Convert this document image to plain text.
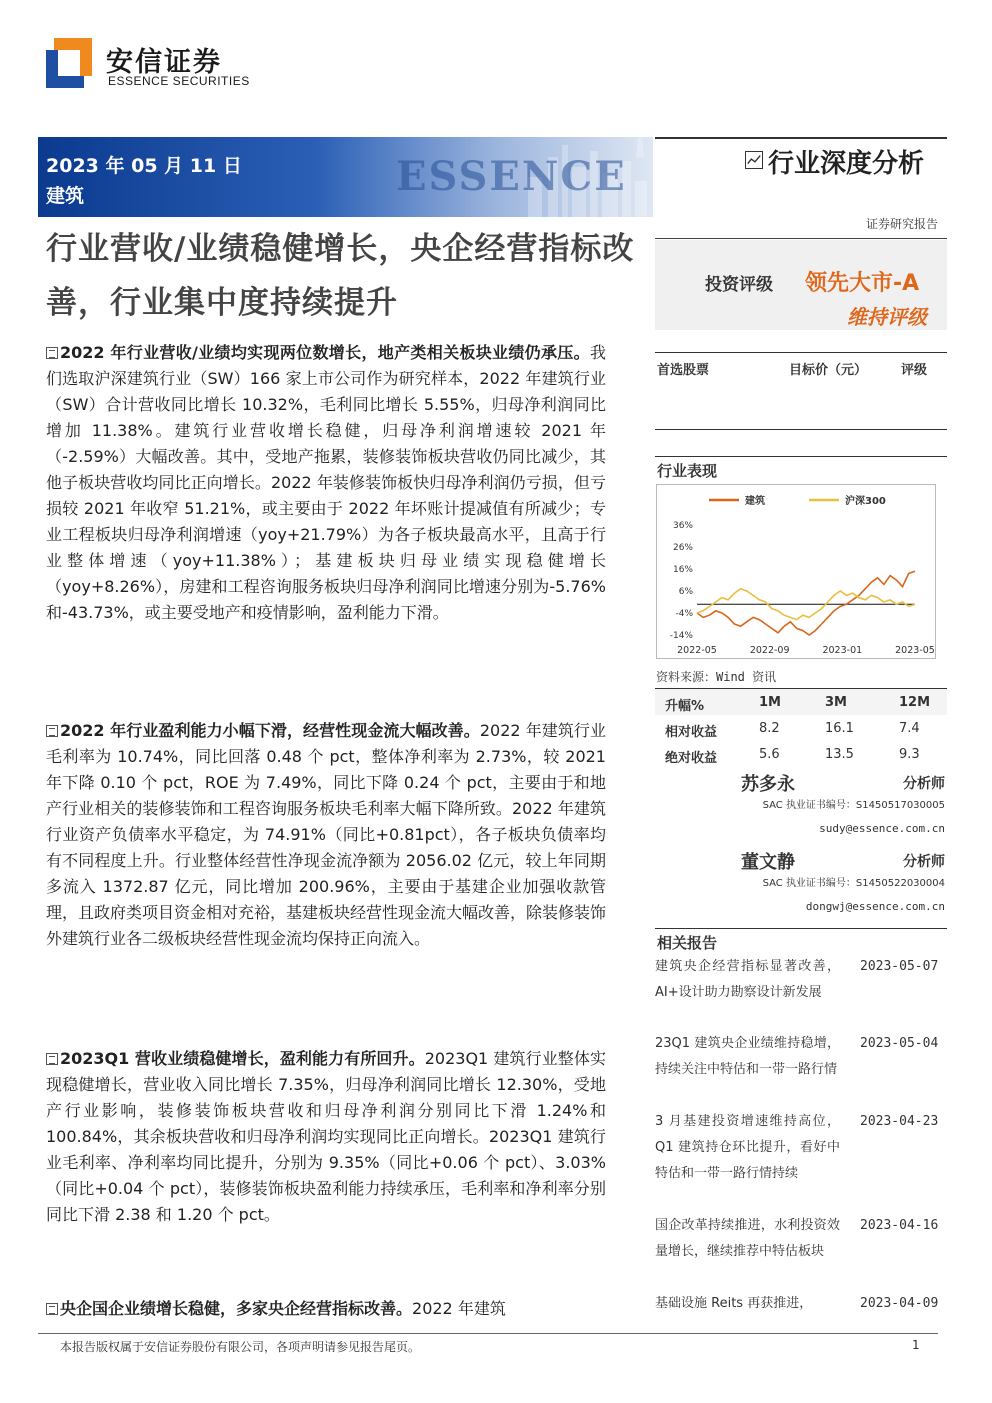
安信证券
ESSENCE SECURITIES
ESSENCE
2023 年 05 月 11 日
建筑
行业深度分析
证券研究报告
行业营收/业绩稳健增长，央企经营指标改善，行业集中度持续提升	投资评级 领先大市-A
维持评级
2022 年行业营收/业绩均实现两位数增长，地产类相关板块业绩仍承压。我们选取沪深建筑行业（SW）166 家上市公司作为研究样本，2022 年建筑行业（SW）合计营收同比增长 10.32%，毛利同比增长 5.55%，归母净利润同比增加 11.38%。建筑行业营收增长稳健，归母净利润增速较 2021 年（-2.59%）大幅改善。其中，受地产拖累，装修装饰板块营收仍同比减少，其他子板块营收均同比正向增长。2022 年装修装饰板快归母净利润仍亏损，但亏损较 2021 年收窄 51.21%，或主要由于 2022 年坏账计提减值有所减少；专业工程板块归母净利润增速（yoy+21.79%）为各子板块最高水平，且高于行业整体增速（yoy+11.38%）；基建板块归母业绩实现稳健增长（yoy+8.26%），房建和工程咨询服务板块归母净利润同比增速分别为-5.76%和-43.73%，或主要受地产和疫情影响，盈利能力下滑。
2022 年行业盈利能力小幅下滑，经营性现金流大幅改善。2022 年建筑行业毛利率为 10.74%，同比回落 0.48 个 pct，整体净利率为 2.73%，较 2021 年下降 0.10 个 pct，ROE 为 7.49%，同比下降 0.24 个 pct，主要由于和地产行业相关的装修装饰和工程咨询服务板块毛利率大幅下降所致。2022 年建筑行业资产负债率水平稳定，为 74.91%（同比+0.81pct），各子板块负债率均有不同程度上升。行业整体经营性净现金流净额为 2056.02 亿元，较上年同期多流入 1372.87 亿元，同比增加 200.96%，主要由于基建企业加强收款管理，且政府类项目资金相对充裕，基建板块经营性现金流大幅改善，除装修装饰外建筑行业各二级板块经营性现金流均保持正向流入。
2023Q1 营收业绩稳健增长，盈利能力有所回升。2023Q1 建筑行业整体实现稳健增长，营业收入同比增长 7.35%，归母净利润同比增长 12.30%，受地产行业影响，装修装饰板块营收和归母净利润分别同比下滑 1.24%和 100.84%，其余板块营收和归母净利润均实现同比正向增长。2023Q1 建筑行业毛利率、净利率均同比提升，分别为 9.35%（同比+0.06 个 pct）、3.03%（同比+0.04 个 pct），装修装饰板块盈利能力持续承压，毛利率和净利率分别同比下滑 2.38 和 1.20 个 pct。
央企国企业绩增长稳健，多家央企经营指标改善。2022 年建筑
首选股票	目标价（元）	评级
行业表现
建筑	沪深300
36%
26%
16%
6%
-4%
-14%
2022-05	2022-09	2023-01	2023-05
资料来源：Wind 资讯
升幅%	1M	3M	12M
相对收益	8.2	16.1	7.4
绝对收益	5.6	13.5	9.3
苏多永	分析师
SAC 执业证书编号：S1450517030005
sudy@essence.com.cn
董文静	分析师
SAC 执业证书编号：S1450522030004
dongwj@essence.com.cn
相关报告
建筑央企经营指标显著改善，AI+设计助力勘察设计新发展
2023-05-07
23Q1 建筑央企业绩维持稳增，持续关注中特估和一带一路行情
2023-05-04
3 月基建投资增速维持高位，Q1 建筑持仓环比提升，看好中特估和一带一路行情持续
2023-04-23
国企改革持续推进，水利投资效量增长，继续推荐中特估板块
2023-04-16
基础设施 Reits 再获推进，	2023-04-09
本报告版权属于安信证券股份有限公司，各项声明请参见报告尾页。	1
